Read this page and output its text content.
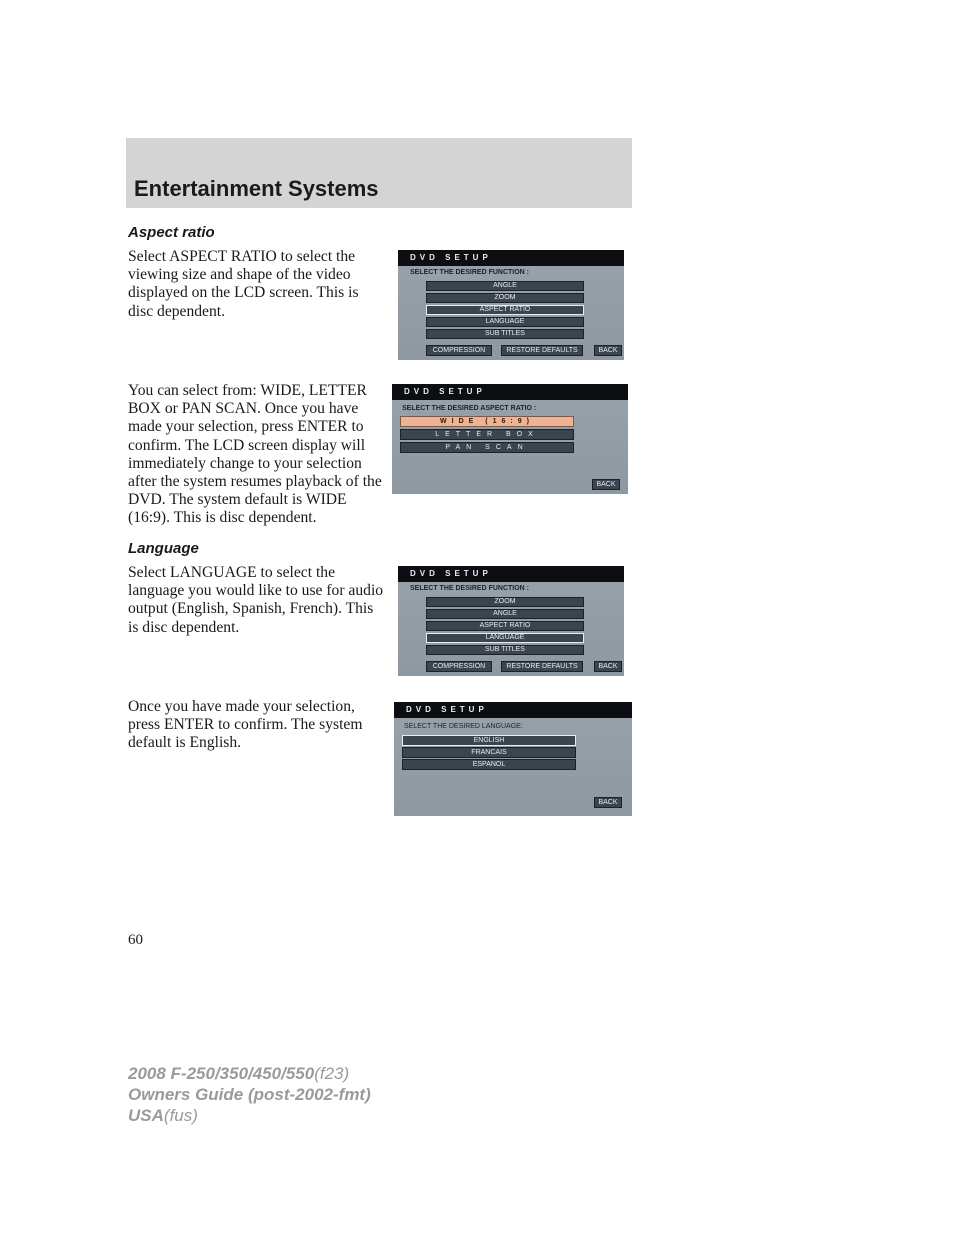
Entertainment Systems
Aspect ratio

Select ASPECT RATIO to select the viewing size and shape of the video displayed on the LCD screen. This is disc dependent.

You can select from: WIDE, LETTER BOX or PAN SCAN. Once you have made your selection, press ENTER to confirm. The LCD screen display will immediately change to your selection after the system resumes playback of the DVD. The system default is WIDE (16:9). This is disc dependent.

Language

Select LANGUAGE to select the language you would like to use for audio output (English, Spanish, French). This is disc dependent.

Once you have made your selection, press ENTER to confirm. The system default is English.

DVD SETUP
SELECT THE DESIRED FUNCTION :
ANGLE
ZOOM
ASPECT RATIO
LANGUAGE
SUB TITLES
COMPRESSION	RESTORE DEFAULTS	BACK
DVD SETUP
SELECT THE DESIRED ASPECT RATIO :
WIDE (16:9)
LETTER BOX
PAN SCAN
BACK
DVD SETUP
SELECT THE DESIRED FUNCTION :
ZOOM
ANGLE
ASPECT RATIO
LANGUAGE
SUB TITLES
COMPRESSION	RESTORE DEFAULTS	BACK
DVD SETUP
SELECT THE DESIRED LANGUAGE:
ENGLISH
FRANCAIS
ESPANOL
BACK
60

2008 F-250/350/450/550(f23)

Owners Guide (post-2002-fmt)

USA(fus)
